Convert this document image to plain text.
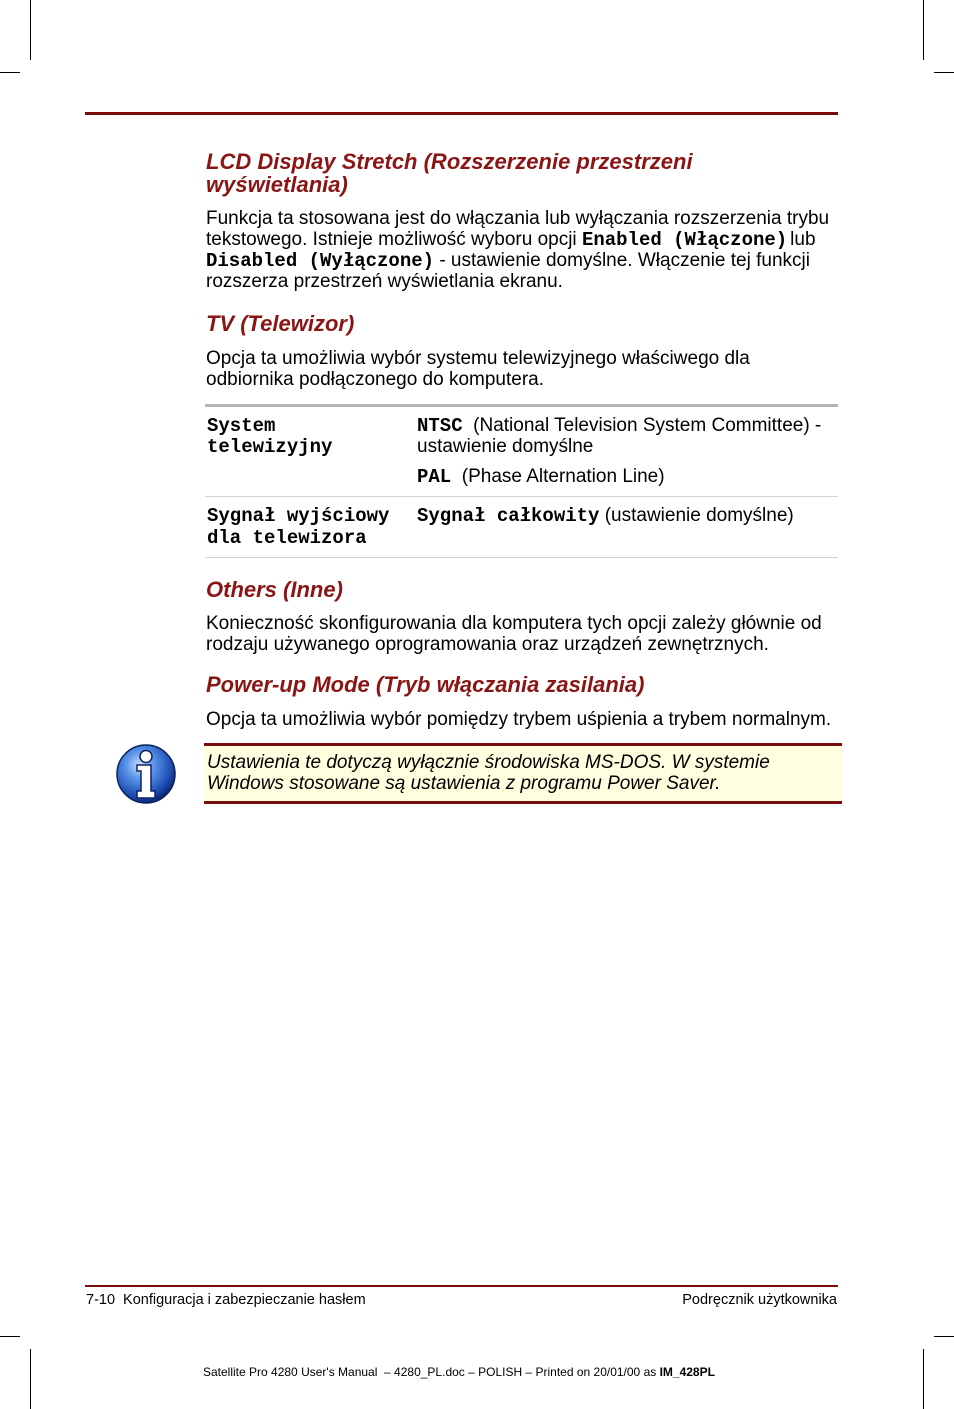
LCD Display Stretch (Rozszerzenie przestrzeni
wyświetlania)
Funkcja ta stosowana jest do włączania lub wyłączania rozszerzenia trybu
tekstowego. Istnieje możliwość wyboru opcji Enabled (Włączone) lub
Disabled (Wyłączone) - ustawienie domyślne. Włączenie tej funkcji
rozszerza przestrzeń wyświetlania ekranu.
TV (Telewizor)
Opcja ta umożliwia wybór systemu telewizyjnego właściwego dla
odbiornika podłączonego do komputera.
System
telewizyjny
NTSC  (National Television System Committee) -
ustawienie domyślne
PAL  (Phase Alternation Line)
Sygnał wyjściowy
dla telewizora
Sygnał całkowity (ustawienie domyślne)
Others (Inne)
Konieczność skonfigurowania dla komputera tych opcji zależy głównie od
rodzaju używanego oprogramowania oraz urządzeń zewnętrznych.
Power-up Mode (Tryb włączania zasilania)
Opcja ta umożliwia wybór pomiędzy trybem uśpienia a trybem normalnym.
Ustawienia te dotyczą wyłącznie środowiska MS-DOS. W systemie
Windows stosowane są ustawienia z programu Power Saver.
7-10 Konfiguracja i zabezpieczanie hasłem	Podręcznik użytkownika
Satellite Pro 4280 User's Manual  – 4280_PL.doc – POLISH – Printed on 20/01/00 as IM_428PL
